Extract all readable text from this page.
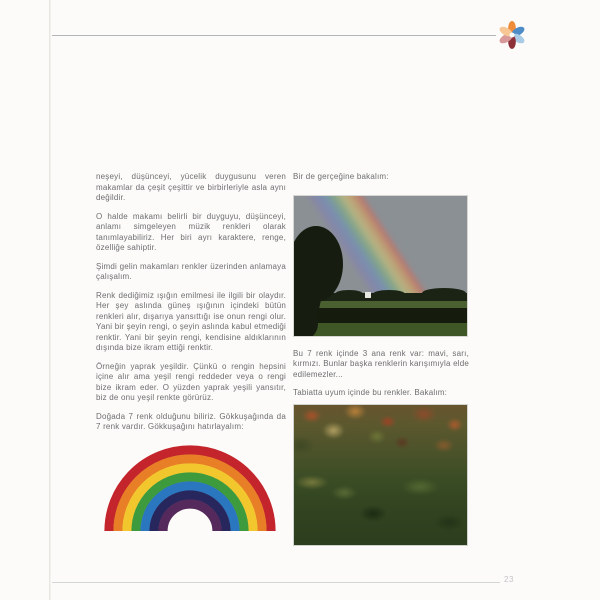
neşeyi, düşünceyi, yücelik duygusunu veren makamlar da çeşit çeşittir ve birbirleriyle asla aynı değildir.

O halde makamı belirli bir duyguyu, düşünceyi, anlamı simgeleyen müzik renkleri olarak tanımlayabiliriz. Her biri ayrı karaktere, renge, özelliğe sahiptir.

Şimdi gelin makamları renkler üzerinden anlamaya çalışalım.

Renk dediğimiz ışığın emilmesi ile ilgili bir olaydır. Her şey aslında güneş ışığının içindeki bütün renkleri alır, dışarıya yansıttığı ise onun rengi olur. Yani bir şeyin rengi, o şeyin aslında kabul etmediği renktir. Yani bir şeyin rengi, kendisine aldıklarının dışında bize ikram ettiği renktir.

Örneğin yaprak yeşildir. Çünkü o rengin hepsini içine alır ama yeşil rengi reddeder veya o rengi bize ikram eder. O yüzden yaprak yeşili yansıtır, biz de onu yeşil renkte görürüz.

Doğada 7 renk olduğunu biliriz. Gökkuşağında da 7 renk vardır. Gökkuşağını hatırlayalım:

Bir de gerçeğine bakalım:

Bu 7 renk içinde 3 ana renk var: mavi, sarı, kırmızı. Bunlar başka renklerin karışımıyla elde edilemezler...

Tabiatta uyum içinde bu renkler. Bakalım:

23
